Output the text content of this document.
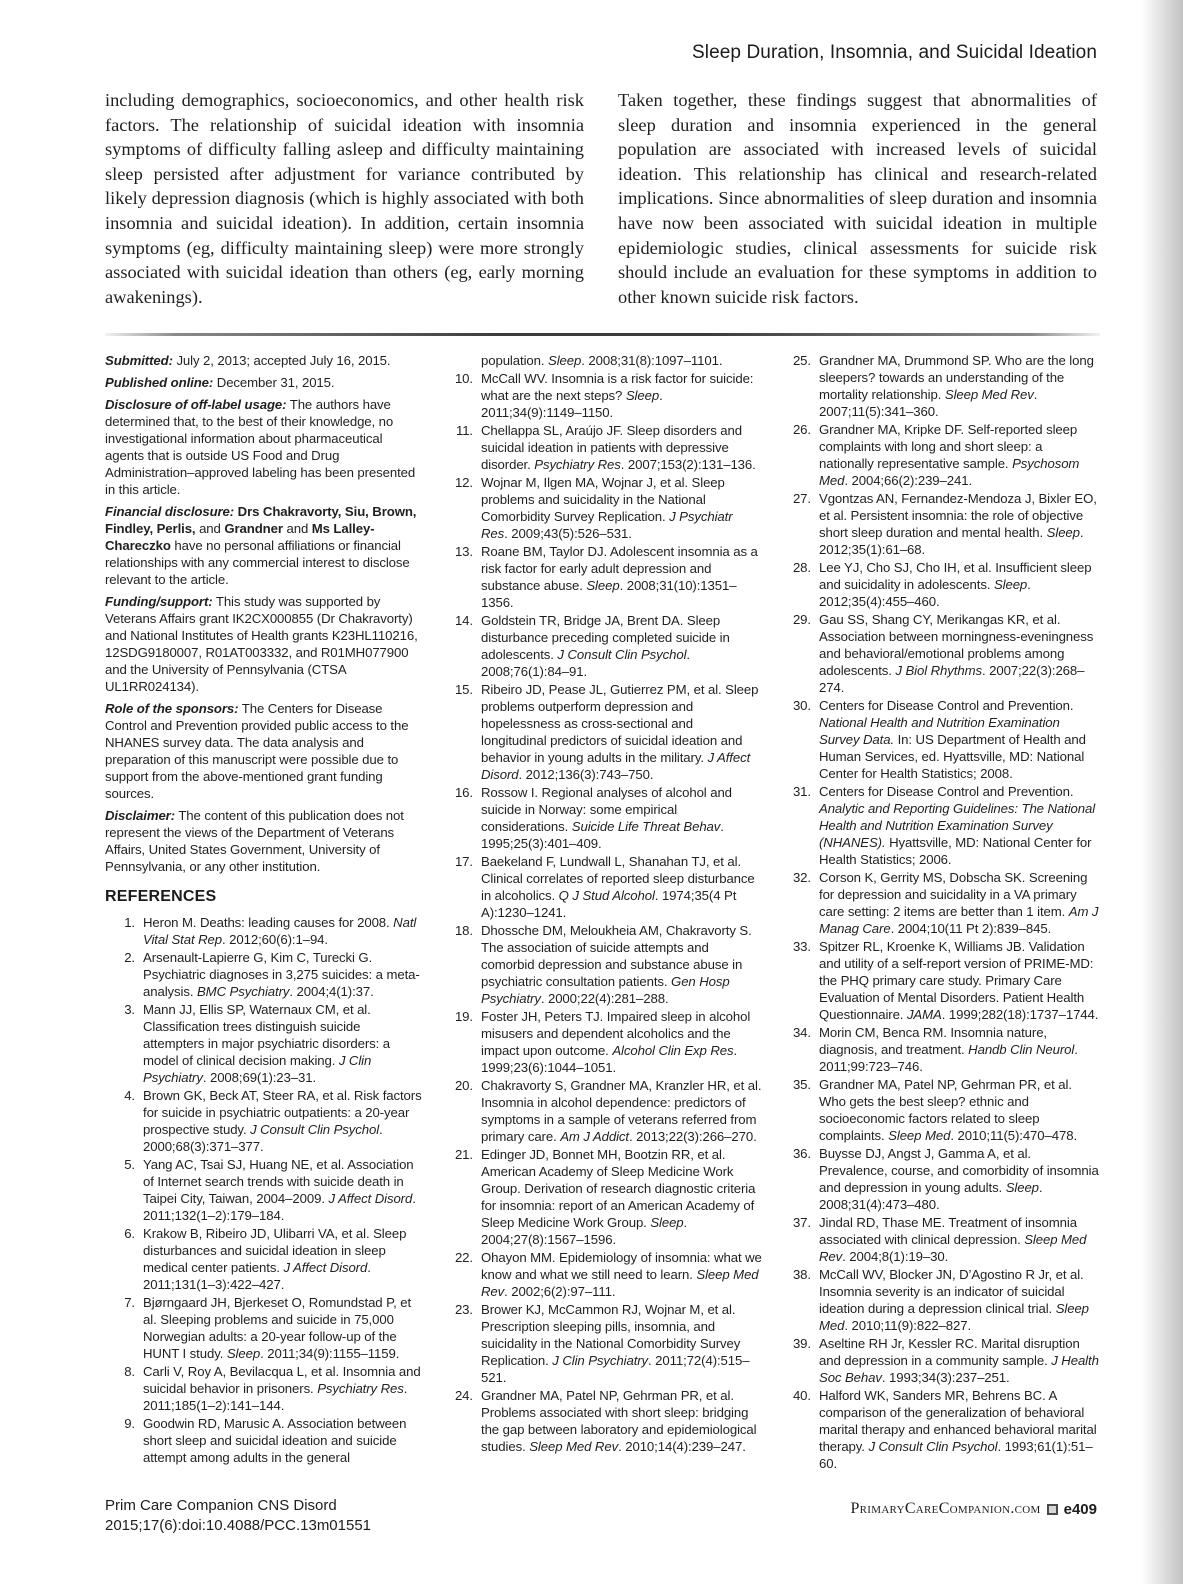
Sleep Duration, Insomnia, and Suicidal Ideation

including demographics, socioeconomics, and other health risk factors. The relationship of suicidal ideation with insomnia symptoms of difficulty falling asleep and difficulty maintaining sleep persisted after adjustment for variance contributed by likely depression diagnosis (which is highly associated with both insomnia and suicidal ideation). In addition, certain insomnia symptoms (eg, difficulty maintaining sleep) were more strongly associated with suicidal ideation than others (eg, early morning awakenings).

Taken together, these findings suggest that abnormalities of sleep duration and insomnia experienced in the general population are associated with increased levels of suicidal ideation. This relationship has clinical and research-related implications. Since abnormalities of sleep duration and insomnia have now been associated with suicidal ideation in multiple epidemiologic studies, clinical assessments for suicide risk should include an evaluation for these symptoms in addition to other known suicide risk factors.

Submitted: July 2, 2013; accepted July 16, 2015.

Published online: December 31, 2015.

Disclosure of off-label usage: The authors have determined that, to the best of their knowledge, no investigational information about pharmaceutical agents that is outside US Food and Drug Administration–approved labeling has been presented in this article.

Financial disclosure: Drs Chakravorty, Siu, Brown, Findley, Perlis, and Grandner and Ms Lalley-Chareczko have no personal affiliations or financial relationships with any commercial interest to disclose relevant to the article.

Funding/support: This study was supported by Veterans Affairs grant IK2CX000855 (Dr Chakravorty) and National Institutes of Health grants K23HL110216, 12SDG9180007, R01AT003332, and R01MH077900 and the University of Pennsylvania (CTSA UL1RR024134).

Role of the sponsors: The Centers for Disease Control and Prevention provided public access to the NHANES survey data. The data analysis and preparation of this manuscript were possible due to support from the above-mentioned grant funding sources.

Disclaimer: The content of this publication does not represent the views of the Department of Veterans Affairs, United States Government, University of Pennsylvania, or any other institution.

REFERENCES
1. Heron M. Deaths: leading causes for 2008. Natl Vital Stat Rep. 2012;60(6):1–94.
2. Arsenault-Lapierre G, Kim C, Turecki G. Psychiatric diagnoses in 3,275 suicides: a meta-analysis. BMC Psychiatry. 2004;4(1):37.
3. Mann JJ, Ellis SP, Waternaux CM, et al. Classification trees distinguish suicide attempters in major psychiatric disorders: a model of clinical decision making. J Clin Psychiatry. 2008;69(1):23–31.
4. Brown GK, Beck AT, Steer RA, et al. Risk factors for suicide in psychiatric outpatients: a 20-year prospective study. J Consult Clin Psychol. 2000;68(3):371–377.
5. Yang AC, Tsai SJ, Huang NE, et al. Association of Internet search trends with suicide death in Taipei City, Taiwan, 2004–2009. J Affect Disord. 2011;132(1–2):179–184.
6. Krakow B, Ribeiro JD, Ulibarri VA, et al. Sleep disturbances and suicidal ideation in sleep medical center patients. J Affect Disord. 2011;131(1–3):422–427.
7. Bjørngaard JH, Bjerkeset O, Romundstad P, et al. Sleeping problems and suicide in 75,000 Norwegian adults: a 20-year follow-up of the HUNT I study. Sleep. 2011;34(9):1155–1159.
8. Carli V, Roy A, Bevilacqua L, et al. Insomnia and suicidal behavior in prisoners. Psychiatry Res. 2011;185(1–2):141–144.
9. Goodwin RD, Marusic A. Association between short sleep and suicidal ideation and suicide attempt among adults in the general

population. Sleep. 2008;31(8):1097–1101.

10. McCall WV. Insomnia is a risk factor for suicide: what are the next steps? Sleep. 2011;34(9):1149–1150.
11. Chellappa SL, Araújo JF. Sleep disorders and suicidal ideation in patients with depressive disorder. Psychiatry Res. 2007;153(2):131–136.
12. Wojnar M, Ilgen MA, Wojnar J, et al. Sleep problems and suicidality in the National Comorbidity Survey Replication. J Psychiatr Res. 2009;43(5):526–531.
13. Roane BM, Taylor DJ. Adolescent insomnia as a risk factor for early adult depression and substance abuse. Sleep. 2008;31(10):1351–1356.
14. Goldstein TR, Bridge JA, Brent DA. Sleep disturbance preceding completed suicide in adolescents. J Consult Clin Psychol. 2008;76(1):84–91.
15. Ribeiro JD, Pease JL, Gutierrez PM, et al. Sleep problems outperform depression and hopelessness as cross-sectional and longitudinal predictors of suicidal ideation and behavior in young adults in the military. J Affect Disord. 2012;136(3):743–750.
16. Rossow I. Regional analyses of alcohol and suicide in Norway: some empirical considerations. Suicide Life Threat Behav. 1995;25(3):401–409.
17. Baekeland F, Lundwall L, Shanahan TJ, et al. Clinical correlates of reported sleep disturbance in alcoholics. Q J Stud Alcohol. 1974;35(4 Pt A):1230–1241.
18. Dhossche DM, Meloukheia AM, Chakravorty S. The association of suicide attempts and comorbid depression and substance abuse in psychiatric consultation patients. Gen Hosp Psychiatry. 2000;22(4):281–288.
19. Foster JH, Peters TJ. Impaired sleep in alcohol misusers and dependent alcoholics and the impact upon outcome. Alcohol Clin Exp Res. 1999;23(6):1044–1051.
20. Chakravorty S, Grandner MA, Kranzler HR, et al. Insomnia in alcohol dependence: predictors of symptoms in a sample of veterans referred from primary care. Am J Addict. 2013;22(3):266–270.
21. Edinger JD, Bonnet MH, Bootzin RR, et al. American Academy of Sleep Medicine Work Group. Derivation of research diagnostic criteria for insomnia: report of an American Academy of Sleep Medicine Work Group. Sleep. 2004;27(8):1567–1596.
22. Ohayon MM. Epidemiology of insomnia: what we know and what we still need to learn. Sleep Med Rev. 2002;6(2):97–111.
23. Brower KJ, McCammon RJ, Wojnar M, et al. Prescription sleeping pills, insomnia, and suicidality in the National Comorbidity Survey Replication. J Clin Psychiatry. 2011;72(4):515–521.
24. Grandner MA, Patel NP, Gehrman PR, et al. Problems associated with short sleep: bridging the gap between laboratory and epidemiological studies. Sleep Med Rev. 2010;14(4):239–247.
25. Grandner MA, Drummond SP. Who are the long sleepers? towards an understanding of the mortality relationship. Sleep Med Rev. 2007;11(5):341–360.
26. Grandner MA, Kripke DF. Self-reported sleep complaints with long and short sleep: a nationally representative sample. Psychosom Med. 2004;66(2):239–241.
27. Vgontzas AN, Fernandez-Mendoza J, Bixler EO, et al. Persistent insomnia: the role of objective short sleep duration and mental health. Sleep. 2012;35(1):61–68.
28. Lee YJ, Cho SJ, Cho IH, et al. Insufficient sleep and suicidality in adolescents. Sleep. 2012;35(4):455–460.
29. Gau SS, Shang CY, Merikangas KR, et al. Association between morningness-eveningness and behavioral/emotional problems among adolescents. J Biol Rhythms. 2007;22(3):268–274.
30. Centers for Disease Control and Prevention. National Health and Nutrition Examination Survey Data. In: US Department of Health and Human Services, ed. Hyattsville, MD: National Center for Health Statistics; 2008.
31. Centers for Disease Control and Prevention. Analytic and Reporting Guidelines: The National Health and Nutrition Examination Survey (NHANES). Hyattsville, MD: National Center for Health Statistics; 2006.
32. Corson K, Gerrity MS, Dobscha SK. Screening for depression and suicidality in a VA primary care setting: 2 items are better than 1 item. Am J Manag Care. 2004;10(11 Pt 2):839–845.
33. Spitzer RL, Kroenke K, Williams JB. Validation and utility of a self-report version of PRIME-MD: the PHQ primary care study. Primary Care Evaluation of Mental Disorders. Patient Health Questionnaire. JAMA. 1999;282(18):1737–1744.
34. Morin CM, Benca RM. Insomnia nature, diagnosis, and treatment. Handb Clin Neurol. 2011;99:723–746.
35. Grandner MA, Patel NP, Gehrman PR, et al. Who gets the best sleep? ethnic and socioeconomic factors related to sleep complaints. Sleep Med. 2010;11(5):470–478.
36. Buysse DJ, Angst J, Gamma A, et al. Prevalence, course, and comorbidity of insomnia and depression in young adults. Sleep. 2008;31(4):473–480.
37. Jindal RD, Thase ME. Treatment of insomnia associated with clinical depression. Sleep Med Rev. 2004;8(1):19–30.
38. McCall WV, Blocker JN, D’Agostino R Jr, et al. Insomnia severity is an indicator of suicidal ideation during a depression clinical trial. Sleep Med. 2010;11(9):822–827.
39. Aseltine RH Jr, Kessler RC. Marital disruption and depression in a community sample. J Health Soc Behav. 1993;34(3):237–251.
40. Halford WK, Sanders MR, Behrens BC. A comparison of the generalization of behavioral marital therapy and enhanced behavioral marital therapy. J Consult Clin Psychol. 1993;61(1):51–60.
Prim Care Companion CNS Disord
2015;17(6):doi:10.4088/PCC.13m01551
PrimaryCareCompanion.com e409
